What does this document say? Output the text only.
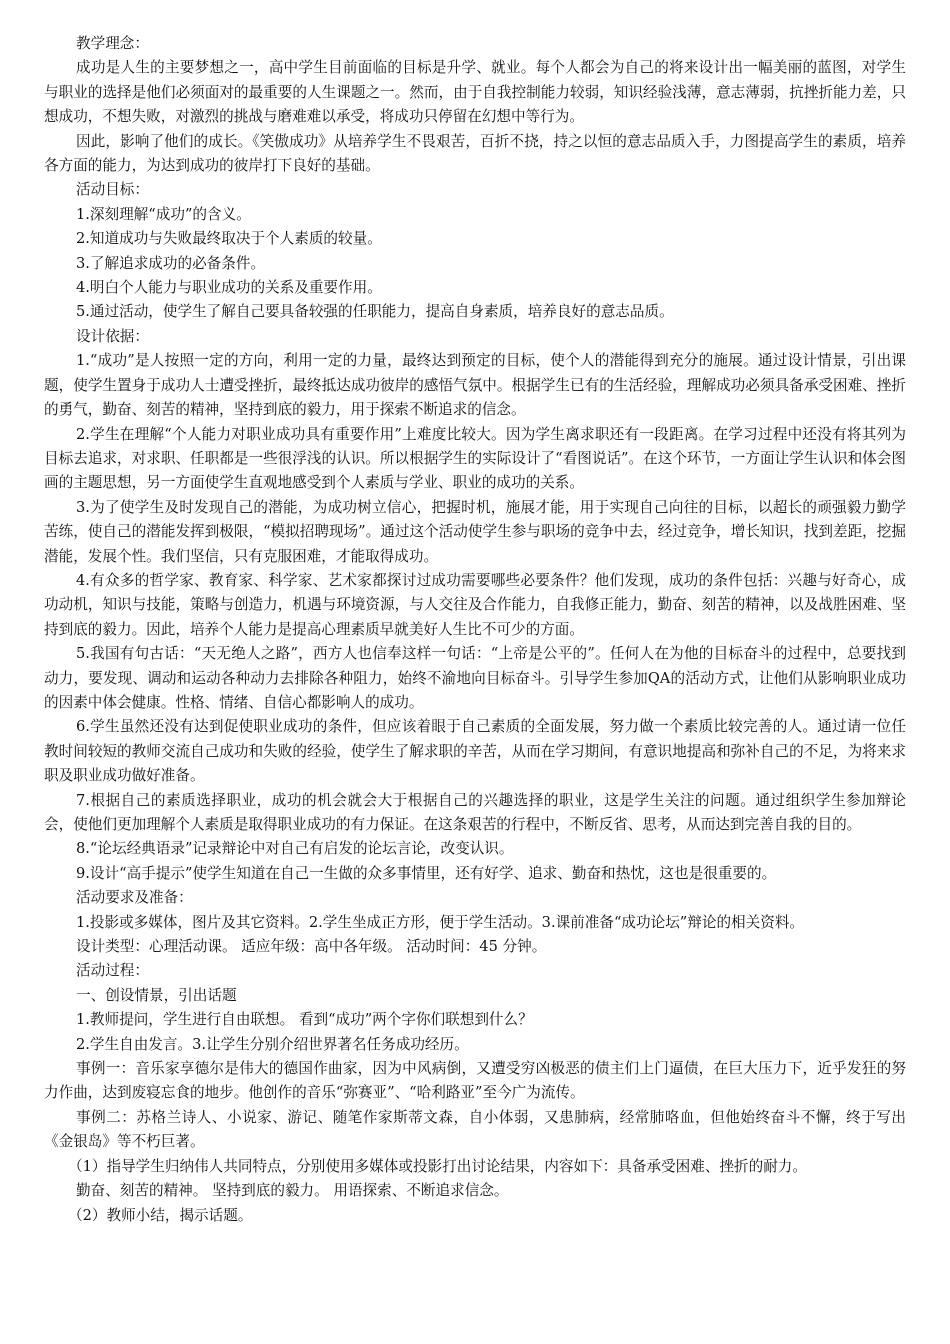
教学理念：

成功是人生的主要梦想之一，高中学生目前面临的目标是升学、就业。每个人都会为自己的将来设计出一幅美丽的蓝图，对学生与职业的选择是他们必须面对的最重要的人生课题之一。然而，由于自我控制能力较弱，知识经验浅薄，意志薄弱，抗挫折能力差，只想成功，不想失败，对激烈的挑战与磨难难以承受，将成功只停留在幻想中等行为。

因此，影响了他们的成长。《笑傲成功》从培养学生不畏艰苦，百折不挠，持之以恒的意志品质入手，力图提高学生的素质，培养各方面的能力，为达到成功的彼岸打下良好的基础。

活动目标：

1.深刻理解“成功”的含义。

2.知道成功与失败最终取决于个人素质的较量。

3.了解追求成功的必备条件。

4.明白个人能力与职业成功的关系及重要作用。

5.通过活动，使学生了解自己要具备较强的任职能力，提高自身素质，培养良好的意志品质。

设计依据：

1.“成功”是人按照一定的方向，利用一定的力量，最终达到预定的目标，使个人的潜能得到充分的施展。通过设计情景，引出课题，使学生置身于成功人士遭受挫折，最终抵达成功彼岸的感悟气氛中。根据学生已有的生活经验，理解成功必须具备承受困难、挫折的勇气，勤奋、刻苦的精神，坚持到底的毅力，用于探索不断追求的信念。

2.学生在理解“个人能力对职业成功具有重要作用”上难度比较大。因为学生离求职还有一段距离。在学习过程中还没有将其列为目标去追求，对求职、任职都是一些很浮浅的认识。所以根据学生的实际设计了“看图说话”。在这个环节，一方面让学生认识和体会图画的主题思想，另一方面使学生直观地感受到个人素质与学业、职业的成功的关系。

3.为了使学生及时发现自己的潜能，为成功树立信心，把握时机，施展才能，用于实现自己向往的目标，以超长的顽强毅力勤学苦练，使自己的潜能发挥到极限，“模拟招聘现场”。通过这个活动使学生参与职场的竞争中去，经过竞争，增长知识，找到差距，挖掘潜能，发展个性。我们坚信，只有克服困难，才能取得成功。

4.有众多的哲学家、教育家、科学家、艺术家都探讨过成功需要哪些必要条件？他们发现，成功的条件包括：兴趣与好奇心，成功动机，知识与技能，策略与创造力，机遇与环境资源，与人交往及合作能力，自我修正能力，勤奋、刻苦的精神，以及战胜困难、坚持到底的毅力。因此，培养个人能力是提高心理素质早就美好人生比不可少的方面。

5.我国有句古话：“天无绝人之路”，西方人也信奉这样一句话：“上帝是公平的”。任何人在为他的目标奋斗的过程中，总要找到动力，要发现、调动和运动各种动力去排除各种阻力，始终不渝地向目标奋斗。引导学生参加QA的活动方式，让他们从影响职业成功的因素中体会健康。性格、情绪、自信心都影响人的成功。

6.学生虽然还没有达到促使职业成功的条件，但应该着眼于自己素质的全面发展，努力做一个素质比较完善的人。通过请一位任教时间较短的教师交流自己成功和失败的经验，使学生了解求职的辛苦，从而在学习期间，有意识地提高和弥补自己的不足，为将来求职及职业成功做好准备。

7.根据自己的素质选择职业，成功的机会就会大于根据自己的兴趣选择的职业，这是学生关注的问题。通过组织学生参加辩论会，使他们更加理解个人素质是取得职业成功的有力保证。在这条艰苦的行程中，不断反省、思考，从而达到完善自我的目的。

8.“论坛经典语录”记录辩论中对自己有启发的论坛言论，改变认识。

9.设计“高手提示”使学生知道在自己一生做的众多事情里，还有好学、追求、勤奋和热忱，这也是很重要的。

活动要求及准备：

1.投影或多媒体，图片及其它资料。2.学生坐成正方形，便于学生活动。3.课前准备“成功论坛”辩论的相关资料。

设计类型：心理活动课。 适应年级：高中各年级。 活动时间：45 分钟。

活动过程：

一、创设情景，引出话题

1.教师提问，学生进行自由联想。 看到“成功”两个字你们联想到什么？

2.学生自由发言。3.让学生分别介绍世界著名任务成功经历。

事例一：音乐家享德尔是伟大的德国作曲家，因为中风病倒，又遭受穷凶极恶的债主们上门逼债，在巨大压力下，近乎发狂的努力作曲，达到废寝忘食的地步。他创作的音乐“弥赛亚”、“哈利路亚”至今广为流传。

事例二：苏格兰诗人、小说家、游记、随笔作家斯蒂文森，自小体弱，又患肺病，经常肺咯血，但他始终奋斗不懈，终于写出《金银岛》等不朽巨著。

（1）指导学生归纳伟人共同特点，分别使用多媒体或投影打出讨论结果，内容如下：具备承受困难、挫折的耐力。

勤奋、刻苦的精神。 坚持到底的毅力。 用语探索、不断追求信念。

（2）教师小结，揭示话题。
